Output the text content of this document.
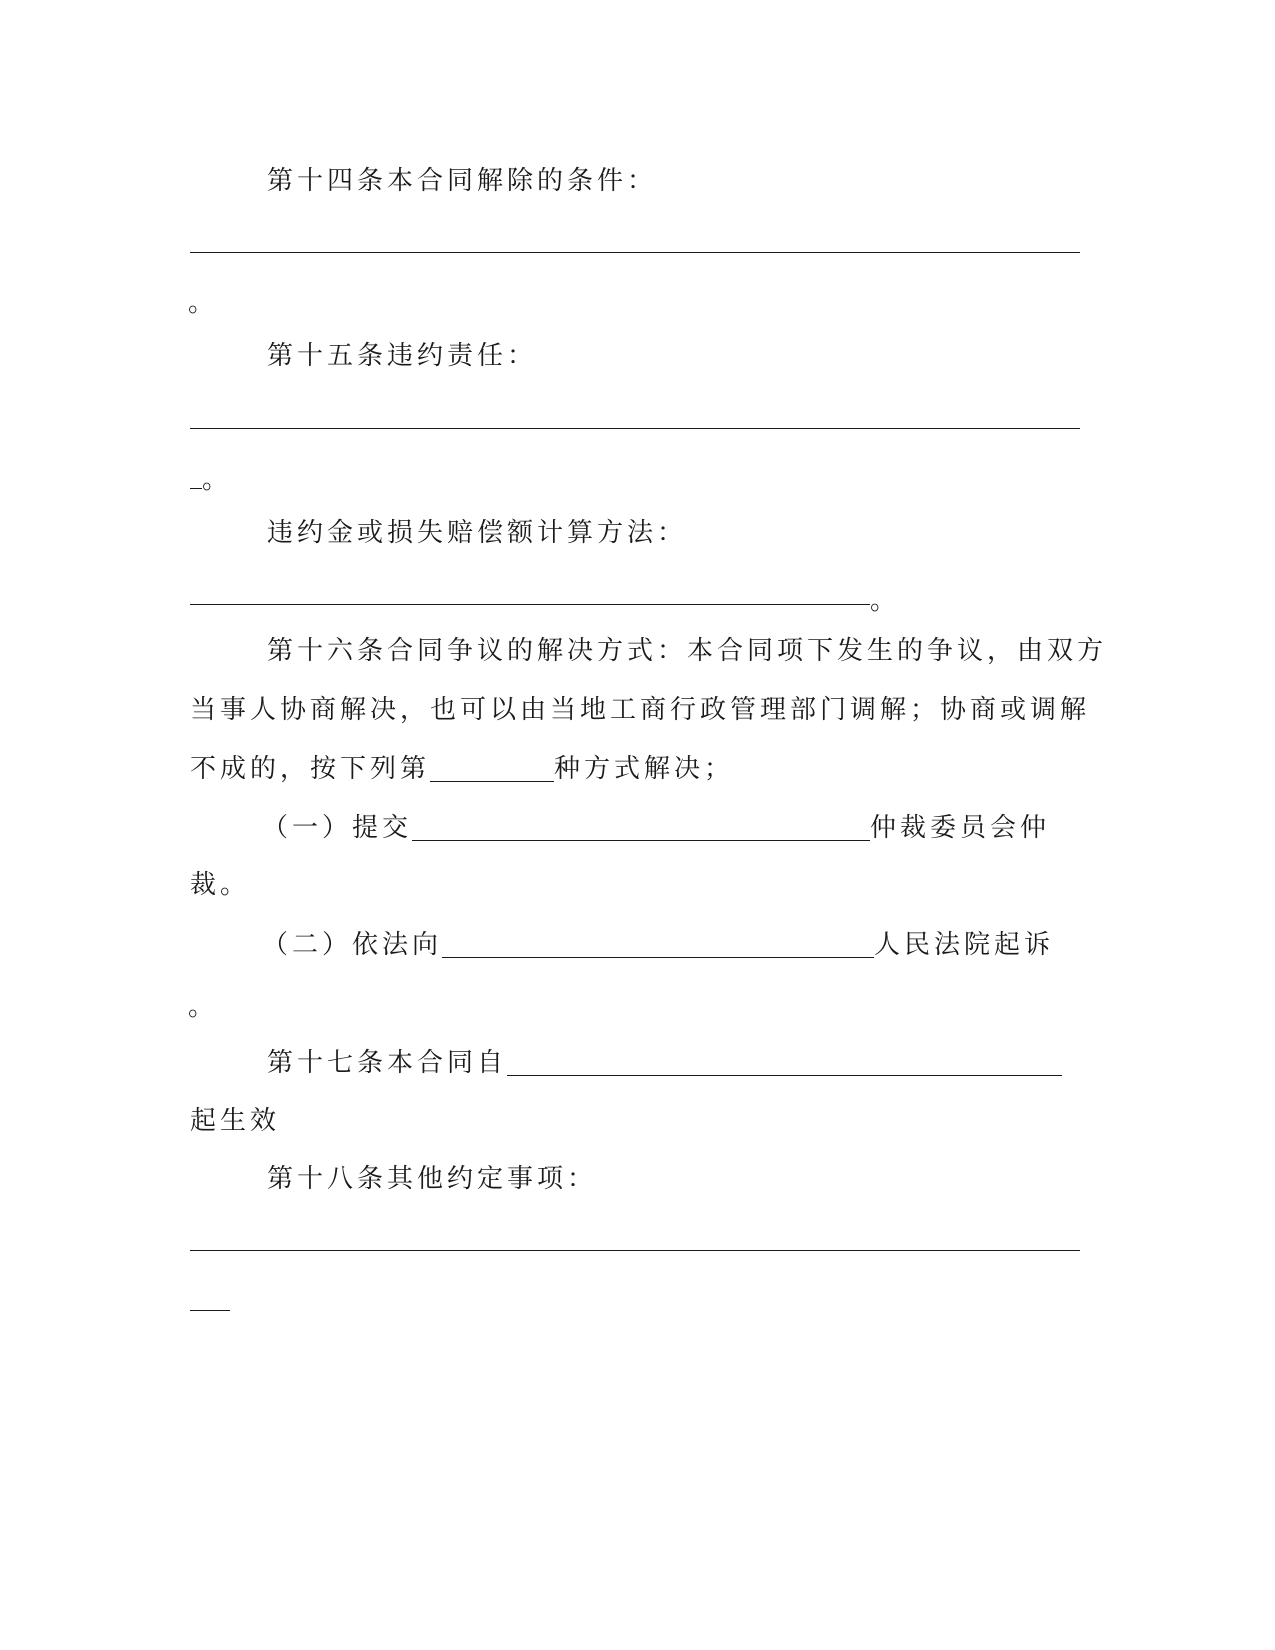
第十四条本合同解除的条件：
。
第十五条违约责任：
。
违约金或损失赔偿额计算方法：
。
第十六条合同争议的解决方式：本合同项下发生的争议，由双方
当事人协商解决，也可以由当地工商行政管理部门调解；协商或调解
不成的，按下列第	种方式解决；
（一）提交	仲裁委员会仲
裁。
（二）依法向	人民法院起诉
。
第十七条本合同自
起生效
第十八条其他约定事项：
